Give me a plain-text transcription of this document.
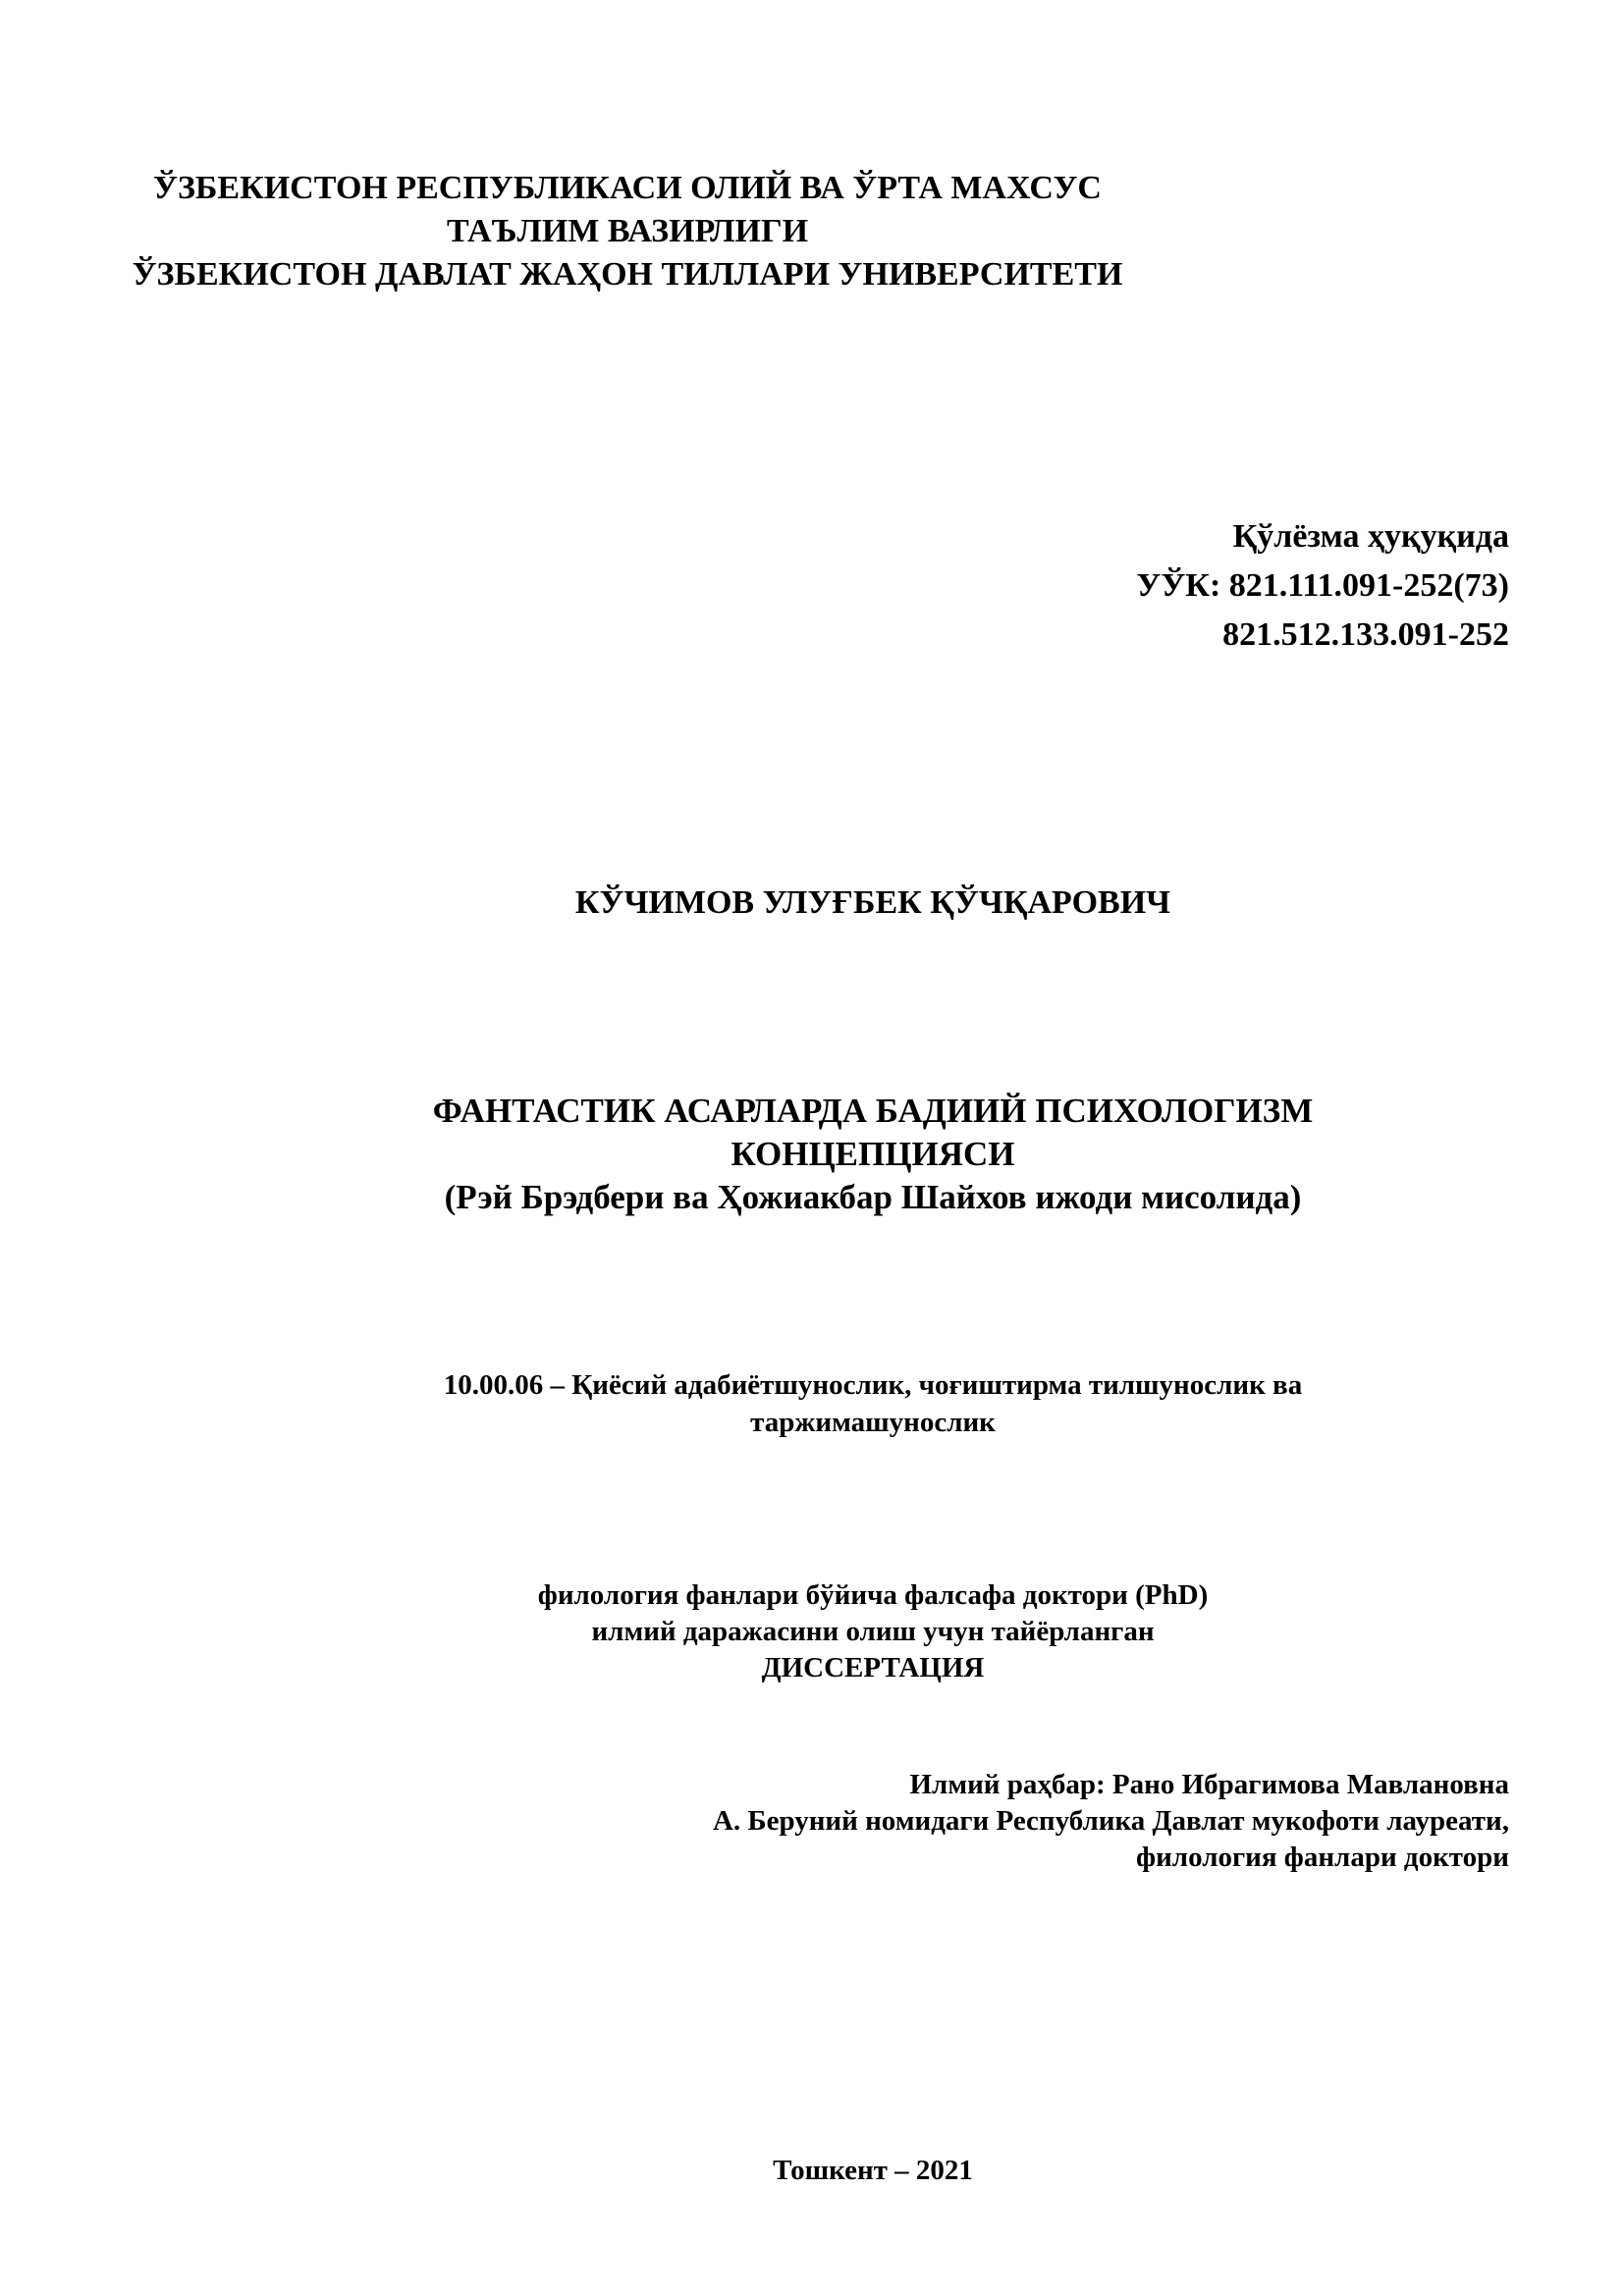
ЎЗБЕКИСТОН РЕСПУБЛИКАСИ ОЛИЙ ВА ЎРТА МАХСУС
ТАЪЛИМ ВАЗИРЛИГИ
ЎЗБЕКИСТОН ДАВЛАТ ЖАҲОН ТИЛЛАРИ УНИВЕРСИТЕТИ
Қўлёзма ҳуқуқида
УЎК: 821.111.091-252(73)
821.512.133.091-252
КЎЧИМОВ УЛУҒБЕК ҚЎЧҚАРОВИЧ
ФАНТАСТИК АСАРЛАРДА БАДИИЙ ПСИХОЛОГИЗМ
КОНЦЕПЦИЯСИ
(Рэй Брэдбери ва Ҳожиакбар Шайхов ижоди мисолида)
10.00.06 – Қиёсий адабиётшунослик, чоғиштирма тилшунослик ва
таржимашунослик
филология фанлари бўйича фалсафа доктори (PhD)
илмий даражасини олиш учун тайёрланган
ДИССЕРТАЦИЯ
Илмий раҳбар: Рано Ибрагимова Мавлановна
А. Беруний номидаги Республика Давлат мукофоти лауреати,
филология фанлари доктори
Тошкент – 2021
